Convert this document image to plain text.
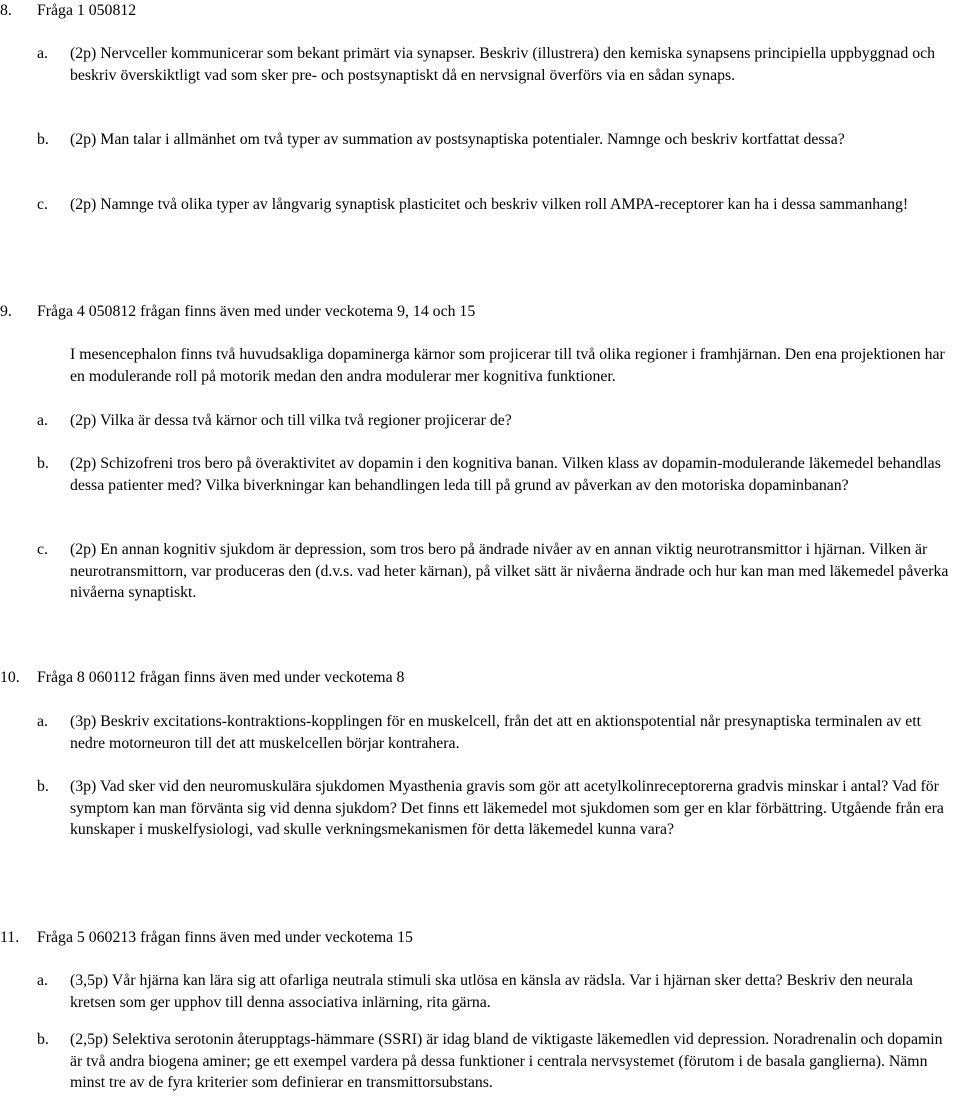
8. Fråga 1 050812
a. (2p) Nervceller kommunicerar som bekant primärt via synapser. Beskriv (illustrera) den kemiska synapsens principiella uppbyggnad och beskriv överskiktligt vad som sker pre- och postsynaptiskt då en nervsignal överförs via en sådan synaps.
b. (2p) Man talar i allmänhet om två typer av summation av postsynaptiska potentialer. Namnge och beskriv kortfattat dessa?
c. (2p) Namnge två olika typer av långvarig synaptisk plasticitet och beskriv vilken roll AMPA-receptorer kan ha i dessa sammanhang!
9. Fråga 4 050812 frågan finns även med under veckotema 9, 14 och 15
I mesencephalon finns två huvudsakliga dopaminerga kärnor som projicerar till två olika regioner i framhjärnan. Den ena projektionen har en modulerande roll på motorik medan den andra modulerar mer kognitiva funktioner.
a. (2p) Vilka är dessa två kärnor och till vilka två regioner projicerar de?
b. (2p) Schizofreni tros bero på överaktivitet av dopamin i den kognitiva banan. Vilken klass av dopamin-modulerande läkemedel behandlas dessa patienter med? Vilka biverkningar kan behandlingen leda till på grund av påverkan av den motoriska dopaminbanan?
c. (2p) En annan kognitiv sjukdom är depression, som tros bero på ändrade nivåer av en annan viktig neurotransmittor i hjärnan. Vilken är neurotransmittorn, var produceras den (d.v.s. vad heter kärnan), på vilket sätt är nivåerna ändrade och hur kan man med läkemedel påverka nivåerna synaptiskt.
10. Fråga 8 060112 frågan finns även med under veckotema 8
a. (3p) Beskriv excitations-kontraktions-kopplingen för en muskelcell, från det att en aktionspotential når presynaptiska terminalen av ett nedre motorneuron till det att muskelcellen börjar kontrahera.
b. (3p) Vad sker vid den neuromuskulära sjukdomen Myasthenia gravis som gör att acetylkolinreceptorerna gradvis minskar i antal? Vad för symptom kan man förvänta sig vid denna sjukdom? Det finns ett läkemedel mot sjukdomen som ger en klar förbättring. Utgående från era kunskaper i muskelfysiologi, vad skulle verkningsmekanismen för detta läkemedel kunna vara?
11. Fråga 5 060213 frågan finns även med under veckotema 15
a. (3,5p) Vår hjärna kan lära sig att ofarliga neutrala stimuli ska utlösa en känsla av rädsla. Var i hjärnan sker detta? Beskriv den neurala kretsen som ger upphov till denna associativa inlärning, rita gärna.
b. (2,5p) Selektiva serotonin återupptags-hämmare (SSRI) är idag bland de viktigaste läkemedlen vid depression. Noradrenalin och dopamin är två andra biogena aminer; ge ett exempel vardera på dessa funktioner i centrala nervsystemet (förutom i de basala ganglierna). Nämn minst tre av de fyra kriterier som definierar en transmittorsubstans.
